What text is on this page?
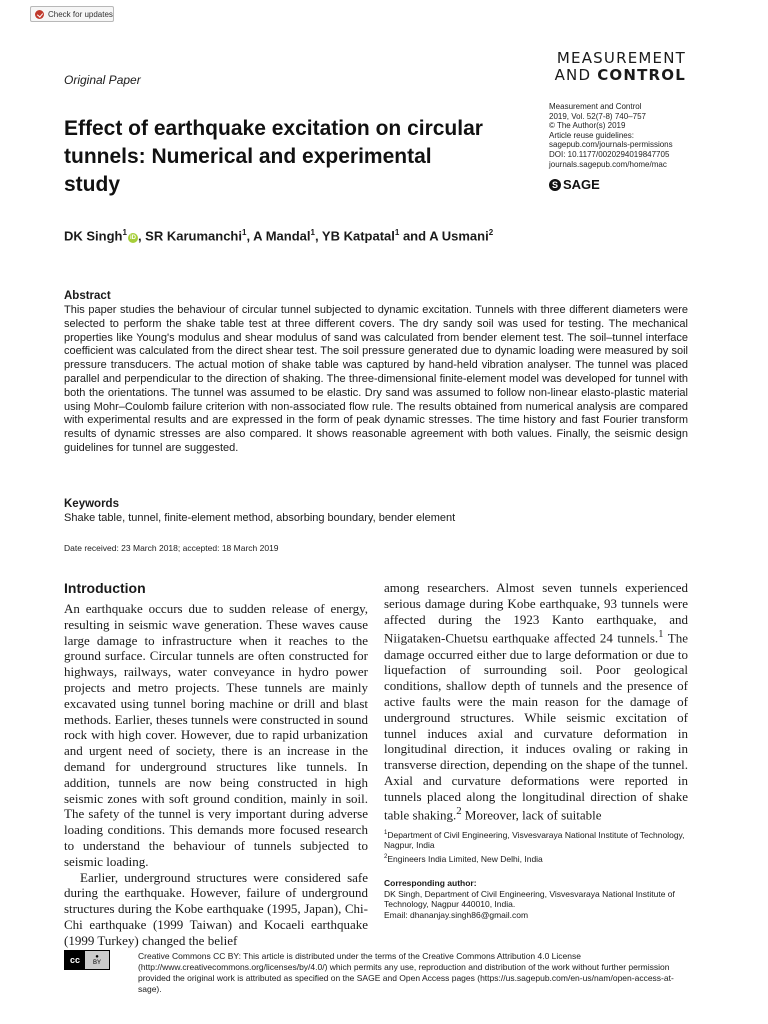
Check for updates
MEASUREMENT
AND CONTROL
Original Paper
Measurement and Control
2019, Vol. 52(7-8) 740–757
© The Author(s) 2019
Article reuse guidelines:
sagepub.com/journals-permissions
DOI: 10.1177/0020294019847705
journals.sagepub.com/home/mac
S SAGE
Effect of earthquake excitation on circular tunnels: Numerical and experimental study
DK Singh$^1$iD , SR Karumanchi$^1$, A Mandal$^1$, YB Katpatal$^1$ and A Usmani$^2$
Abstract

This paper studies the behaviour of circular tunnel subjected to dynamic excitation. Tunnels with three different diameters were selected to perform the shake table test at three different covers. The dry sandy soil was used for testing. The mechanical properties like Young's modulus and shear modulus of sand was calculated from bender element test. The soil–tunnel interface coefficient was calculated from the direct shear test. The soil pressure generated due to dynamic loading were measured by soil pressure transducers. The actual motion of shake table was captured by hand-held vibration analyser. The tunnel was placed parallel and perpendicular to the direction of shaking. The three-dimensional finite-element model was developed for tunnel with both the orientations. The tunnel was assumed to be elastic. Dry sand was assumed to follow non-linear elasto-plastic material using Mohr–Coulomb failure criterion with non-associated flow rule. The results obtained from numerical analysis are compared with experimental results and are expressed in the form of peak dynamic stresses. The time history and fast Fourier transform results of dynamic stresses are also compared. It shows reasonable agreement with both values. Finally, the seismic design guidelines for tunnel are suggested.

Keywords

Shake table, tunnel, finite-element method, absorbing boundary, bender element

Date received: 23 March 2018; accepted: 18 March 2019
Introduction

An earthquake occurs due to sudden release of energy, resulting in seismic wave generation. These waves cause large damage to infrastructure when it reaches to the ground surface. Circular tunnels are often constructed for highways, railways, water conveyance in hydro power projects and metro projects. These tunnels are mainly excavated using tunnel boring machine or drill and blast methods. Earlier, theses tunnels were constructed in sound rock with high cover. However, due to rapid urbanization and urgent need of society, there is an increase in the demand for underground structures like tunnels. In addition, tunnels are now being constructed in high seismic zones with soft ground condition, mainly in soil. The safety of the tunnel is very important during adverse loading conditions. This demands more focused research to understand the behaviour of tunnels subjected to seismic loading.

Earlier, underground structures were considered safe during the earthquake. However, failure of underground structures during the Kobe earthquake (1995, Japan), Chi-Chi earthquake (1999 Taiwan) and Kocaeli earthquake (1999 Turkey) changed the belief

among researchers. Almost seven tunnels experienced serious damage during Kobe earthquake, 93 tunnels were affected during the 1923 Kanto earthquake, and Niigataken-Chuetsu earthquake affected 24 tunnels.$^1$ The damage occurred either due to large deformation or due to liquefaction of surrounding soil. Poor geological conditions, shallow depth of tunnels and the presence of active faults were the main reason for the damage of underground structures. While seismic excitation of tunnel induces axial and curvature deformation in longitudinal direction, it induces ovaling or raking in transverse direction, depending on the shape of the tunnel. Axial and curvature deformations were reported in tunnels placed along the longitudinal direction of shake table shaking.$^2$ Moreover, lack of suitable

$^1$Department of Civil Engineering, Visvesvaraya National Institute of Technology, Nagpur, India
$^2$Engineers India Limited, New Delhi, India
Corresponding author:
DK Singh, Department of Civil Engineering, Visvesvaraya National Institute of Technology, Nagpur 440010, India.
Email: dhananjay.singh86@gmail.com
cc	●
BY
Creative Commons CC BY: This article is distributed under the terms of the Creative Commons Attribution 4.0 License (http://www.creativecommons.org/licenses/by/4.0/) which permits any use, reproduction and distribution of the work without further permission provided the original work is attributed as specified on the SAGE and Open Access pages (https://us.sagepub.com/en-us/nam/open-access-at-sage).
